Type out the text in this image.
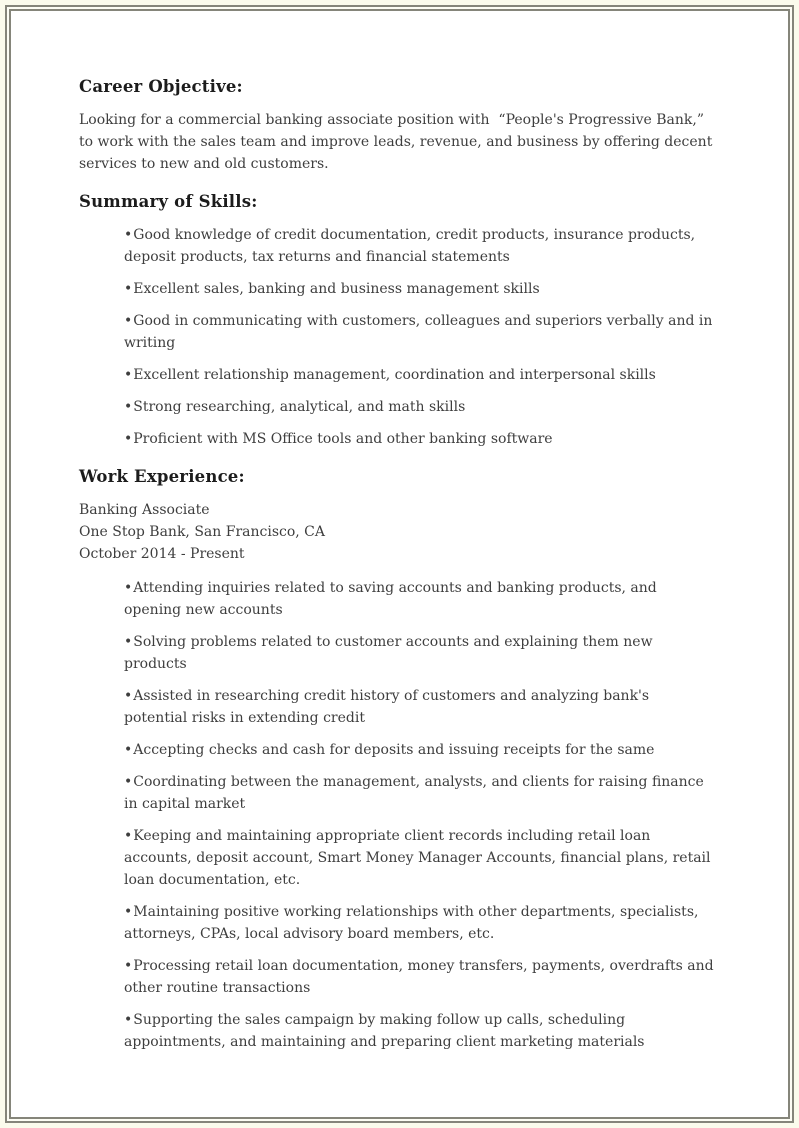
Career Objective:

Looking for a commercial banking associate position with  “People's Progressive Bank,” to work with the sales team and improve leads, revenue, and business by offering decent services to new and old customers.

Summary of Skills:
•Good knowledge of credit documentation, credit products, insurance products, deposit products, tax returns and financial statements
•Excellent sales, banking and business management skills
•Good in communicating with customers, colleagues and superiors verbally and in writing
•Excellent relationship management, coordination and interpersonal skills
•Strong researching, analytical, and math skills
•Proficient with MS Office tools and other banking software
Work Experience:
Banking Associate
One Stop Bank, San Francisco, CA
October 2014 - Present
•Attending inquiries related to saving accounts and banking products, and opening new accounts
•Solving problems related to customer accounts and explaining them new products
•Assisted in researching credit history of customers and analyzing bank's potential risks in extending credit
•Accepting checks and cash for deposits and issuing receipts for the same
•Coordinating between the management, analysts, and clients for raising finance in capital market
•Keeping and maintaining appropriate client records including retail loan accounts, deposit account, Smart Money Manager Accounts, financial plans, retail loan documentation, etc.
•Maintaining positive working relationships with other departments, specialists, attorneys, CPAs, local advisory board members, etc.
•Processing retail loan documentation, money transfers, payments, overdrafts and other routine transactions
•Supporting the sales campaign by making follow up calls, scheduling appointments, and maintaining and preparing client marketing materials
